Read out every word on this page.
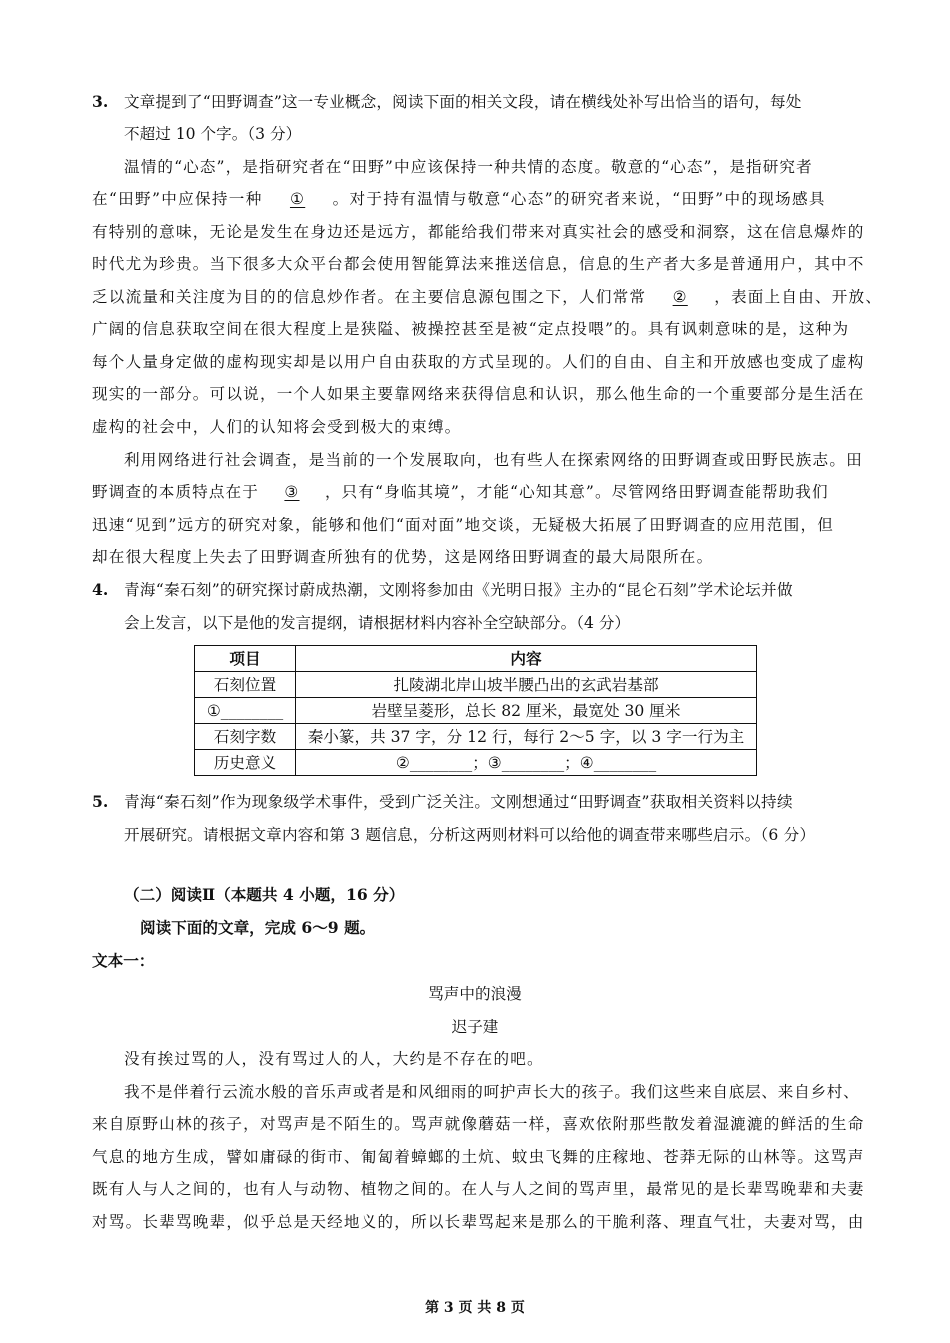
3. 文章提到了“田野调查”这一专业概念，阅读下面的相关文段，请在横线处补写出恰当的语句，每处
不超过 10 个字。（3 分）
温情的“心态”，是指研究者在“田野”中应该保持一种共情的态度。敬意的“心态”，是指研究者
在“田野”中应保持一种 ① 。对于持有温情与敬意“心态”的研究者来说，“田野”中的现场感具
有特别的意味，无论是发生在身边还是远方，都能给我们带来对真实社会的感受和洞察，这在信息爆炸的
时代尤为珍贵。当下很多大众平台都会使用智能算法来推送信息，信息的生产者大多是普通用户，其中不
乏以流量和关注度为目的的信息炒作者。在主要信息源包围之下，人们常常	② ，表面上自由、开放、
广阔的信息获取空间在很大程度上是狭隘、被操控甚至是被“定点投喂”的。具有讽刺意味的是，这种为
每个人量身定做的虚构现实却是以用户自由获取的方式呈现的。人们的自由、自主和开放感也变成了虚构
现实的一部分。可以说，一个人如果主要靠网络来获得信息和认识，那么他生命的一个重要部分是生活在
虚构的社会中，人们的认知将会受到极大的束缚。
利用网络进行社会调查，是当前的一个发展取向，也有些人在探索网络的田野调查或田野民族志。田
野调查的本质特点在于 ③ ，只有“身临其境”，才能“心知其意”。尽管网络田野调查能帮助我们
迅速“见到”远方的研究对象，能够和他们“面对面”地交谈，无疑极大拓展了田野调查的应用范围，但
却在很大程度上失去了田野调查所独有的优势，这是网络田野调查的最大局限所在。
4. 青海“秦石刻”的研究探讨蔚成热潮，文刚将参加由《光明日报》主办的“昆仑石刻”学术论坛并做
会上发言，以下是他的发言提纲，请根据材料内容补全空缺部分。（4 分）
项目	内容
石刻位置	扎陵湖北岸山坡半腰凸出的玄武岩基部
①________	岩壁呈菱形，总长 82 厘米，最宽处 30 厘米
石刻字数	秦小篆，共 37 字，分 12 行，每行 2～5 字，以 3 字一行为主
历史意义	②________；③________；④________
5. 青海“秦石刻”作为现象级学术事件，受到广泛关注。文刚想通过“田野调查”获取相关资料以持续
开展研究。请根据文章内容和第 3 题信息，分析这两则材料可以给他的调查带来哪些启示。（6 分）
（二）阅读Ⅱ（本题共 4 小题，16 分）
阅读下面的文章，完成 6～9 题。
文本一：
骂声中的浪漫
迟子建
没有挨过骂的人，没有骂过人的人，大约是不存在的吧。
我不是伴着行云流水般的音乐声或者是和风细雨的呵护声长大的孩子。我们这些来自底层、来自乡村、
来自原野山林的孩子，对骂声是不陌生的。骂声就像蘑菇一样，喜欢依附那些散发着湿漉漉的鲜活的生命
气息的地方生成，譬如庸碌的街市、匍匐着蟑螂的土炕、蚊虫飞舞的庄稼地、苍莽无际的山林等。这骂声
既有人与人之间的，也有人与动物、植物之间的。在人与人之间的骂声里，最常见的是长辈骂晚辈和夫妻
对骂。长辈骂晚辈，似乎总是天经地义的，所以长辈骂起来是那么的干脆利落、理直气壮，夫妻对骂，由
第 3 页 共 8 页
